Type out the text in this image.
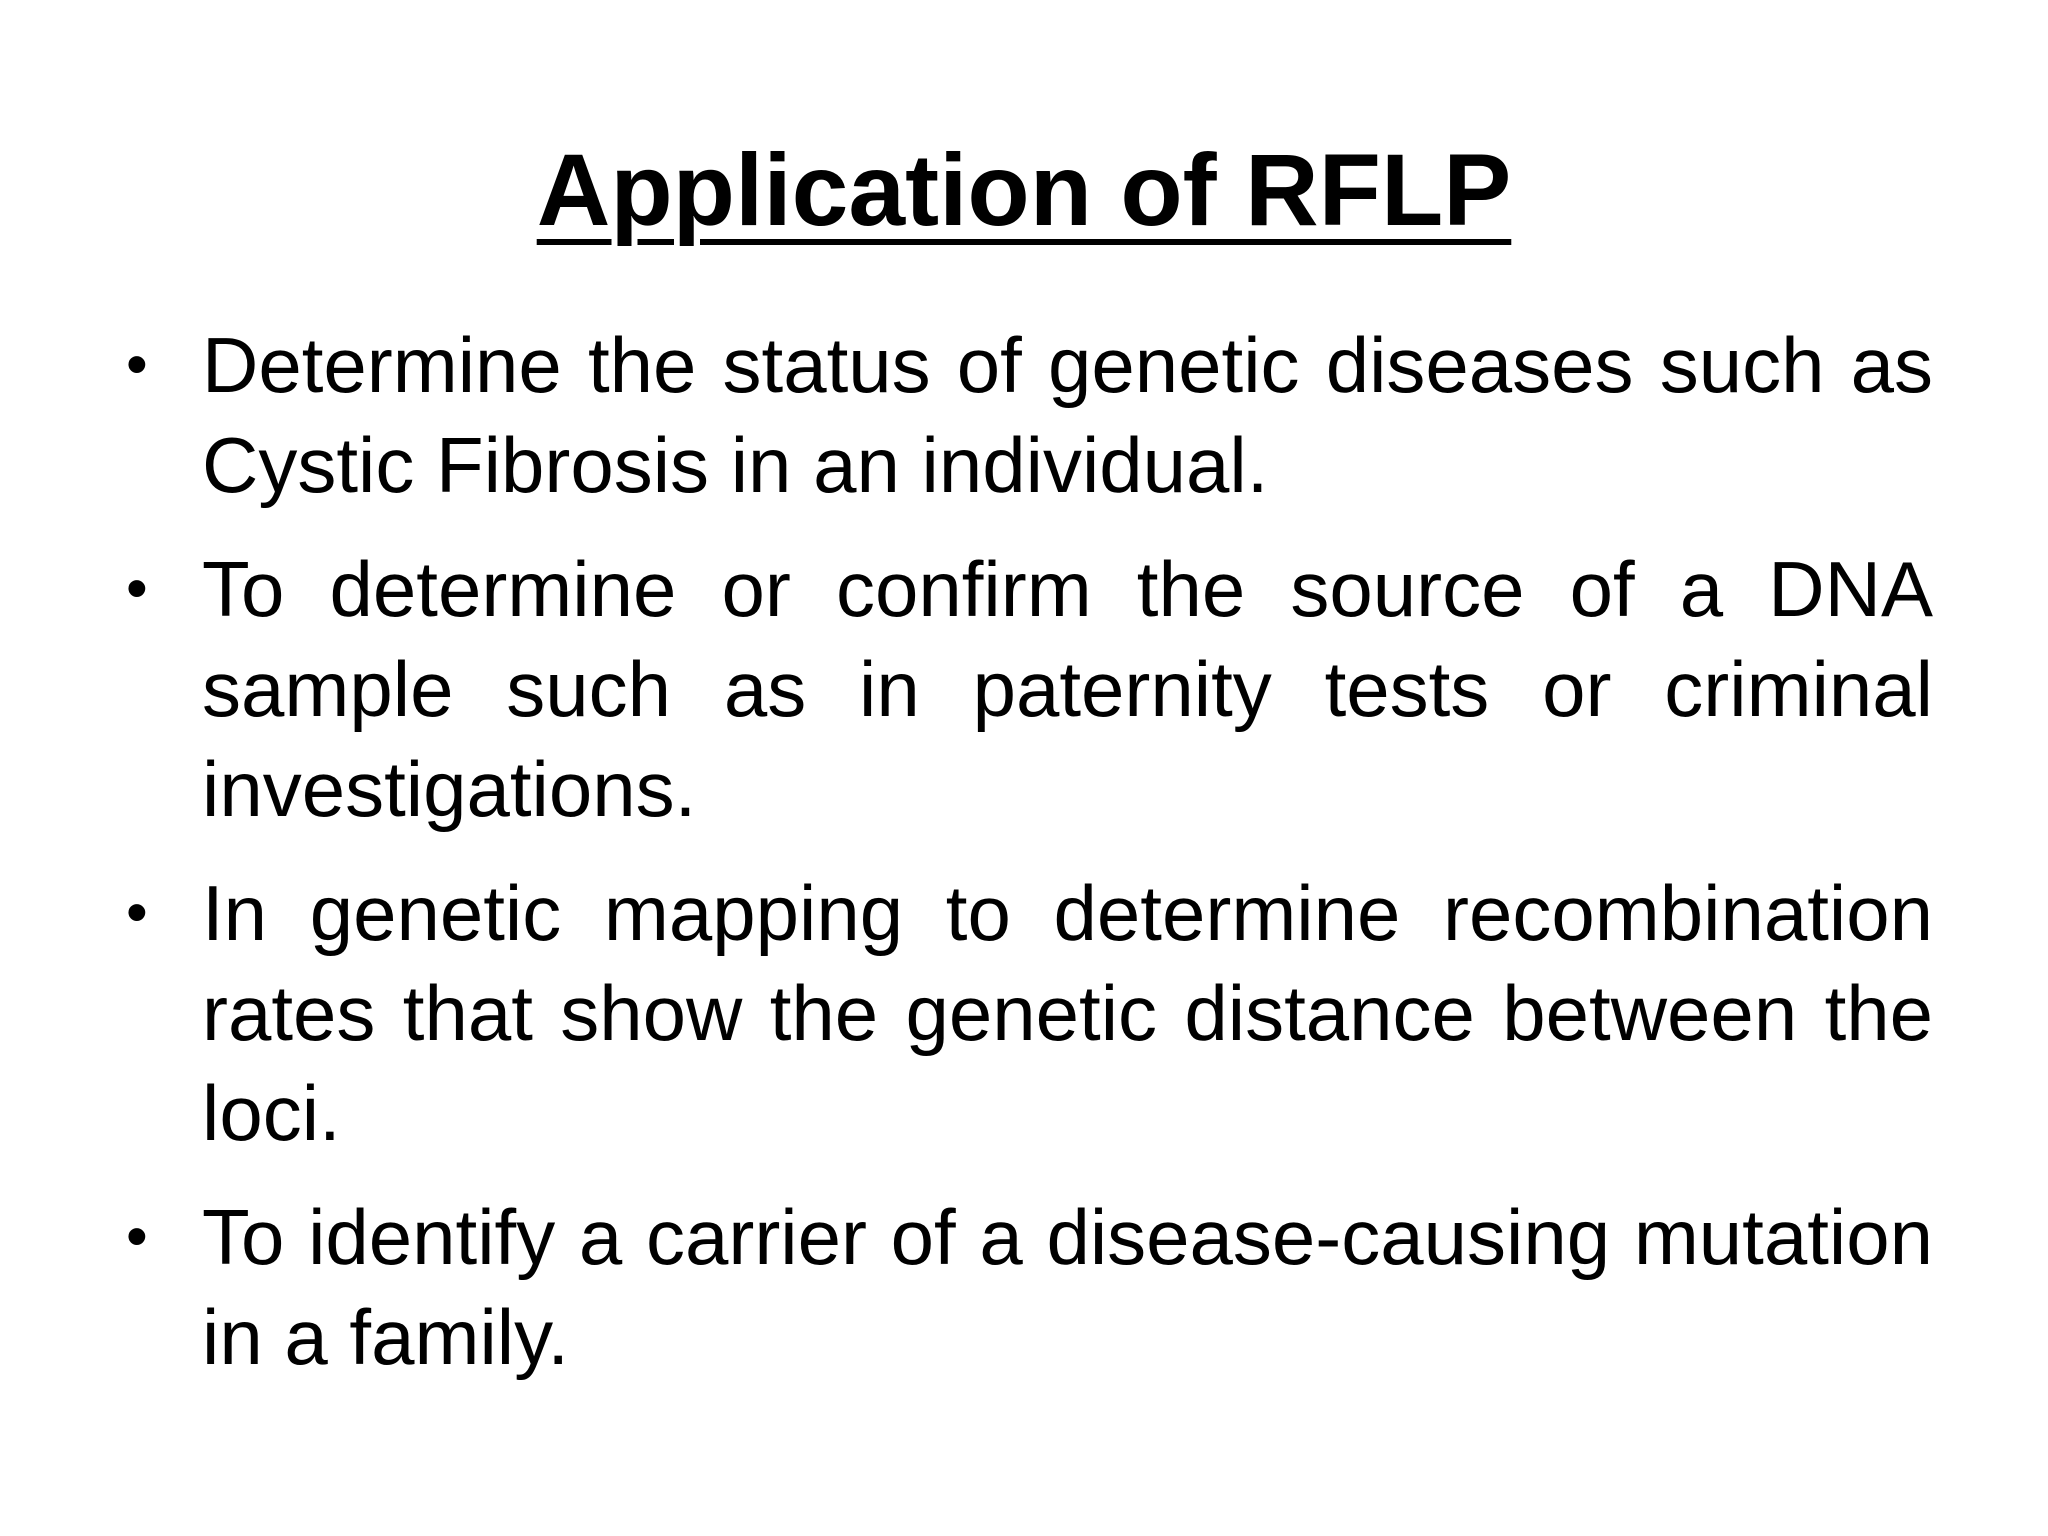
Application of RFLP
• Determine the status of genetic diseases such as Cystic Fibrosis in an individual.
• To determine or confirm the source of a DNA sample such as in paternity tests or criminal investigations.
• In genetic mapping to determine recombination rates that show the genetic distance between the loci.
• To identify a carrier of a disease-causing mutation in a family.
